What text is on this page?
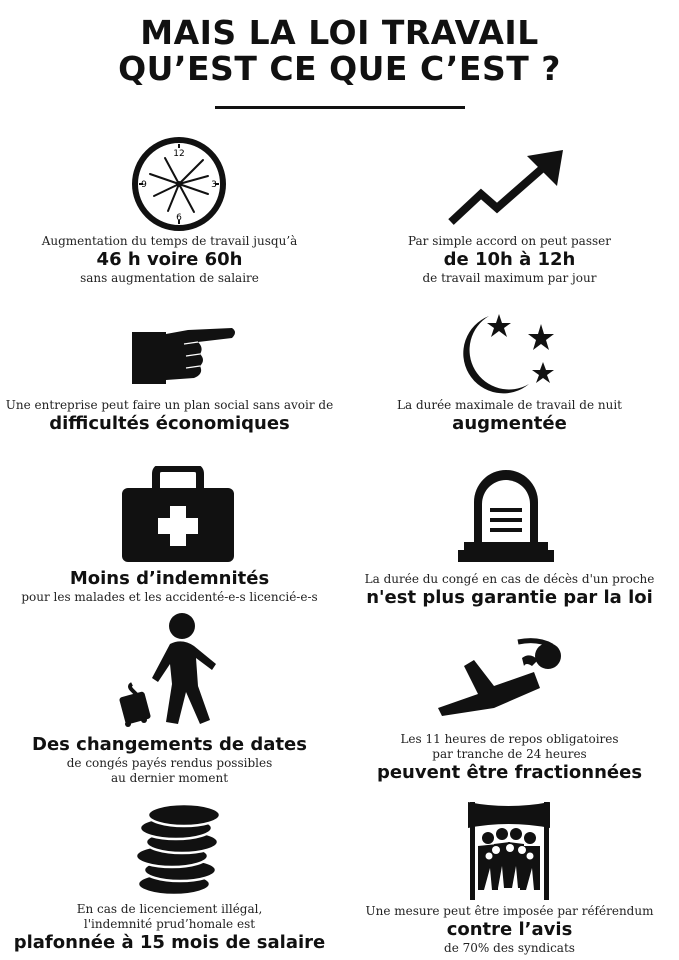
MAIS LA LOI TRAVAIL
QU’EST CE QUE C’EST ?
12
6
9	3
Augmentation du temps de travail jusqu’à
46 h voire 60h
sans augmentation de salaire
Par simple accord on peut passer
de 10h à 12h
de travail maximum par jour
Une entreprise peut faire un plan social sans avoir de
difficultés économiques
La durée maximale de travail de nuit
augmentée
Moins d’indemnités
pour les malades et les accidenté-e-s licencié-e-s
La durée du congé en cas de décès d'un proche
n'est plus garantie par la loi
Des changements de dates
de congés payés rendus possibles
au dernier moment
Les 11 heures de repos obligatoires
par tranche de 24 heures
peuvent être fractionnées
En cas de licenciement illégal,
l'indemnité prud’homale est
plafonnée à 15 mois de salaire
Une mesure peut être imposée par référendum
contre l’avis
de 70% des syndicats
